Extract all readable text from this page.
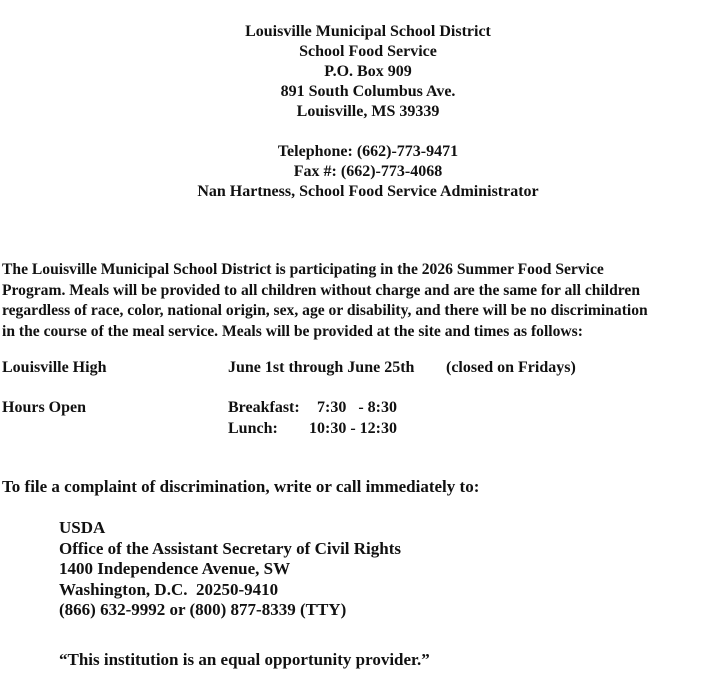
Louisville Municipal School District
School Food Service
P.O. Box 909
891 South Columbus Ave.
Louisville, MS 39339
Telephone: (662)-773-9471
Fax #: (662)-773-4068
Nan Hartness, School Food Service Administrator
The Louisville Municipal School District is participating in the 2026 Summer Food Service
Program. Meals will be provided to all children without charge and are the same for all children
regardless of race, color, national origin, sex, age or disability, and there will be no discrimination
in the course of the meal service. Meals will be provided at the site and times as follows:
Louisville High	June 1st through June 25th (closed on Fridays)
Hours Open	Breakfast: 7:30   - 8:30
Lunch: 10:30 - 12:30
To file a complaint of discrimination, write or call immediately to:
USDA
Office of the Assistant Secretary of Civil Rights
1400 Independence Avenue, SW
Washington, D.C.  20250-9410
(866) 632-9992 or (800) 877-8339 (TTY)
“This institution is an equal opportunity provider.”
